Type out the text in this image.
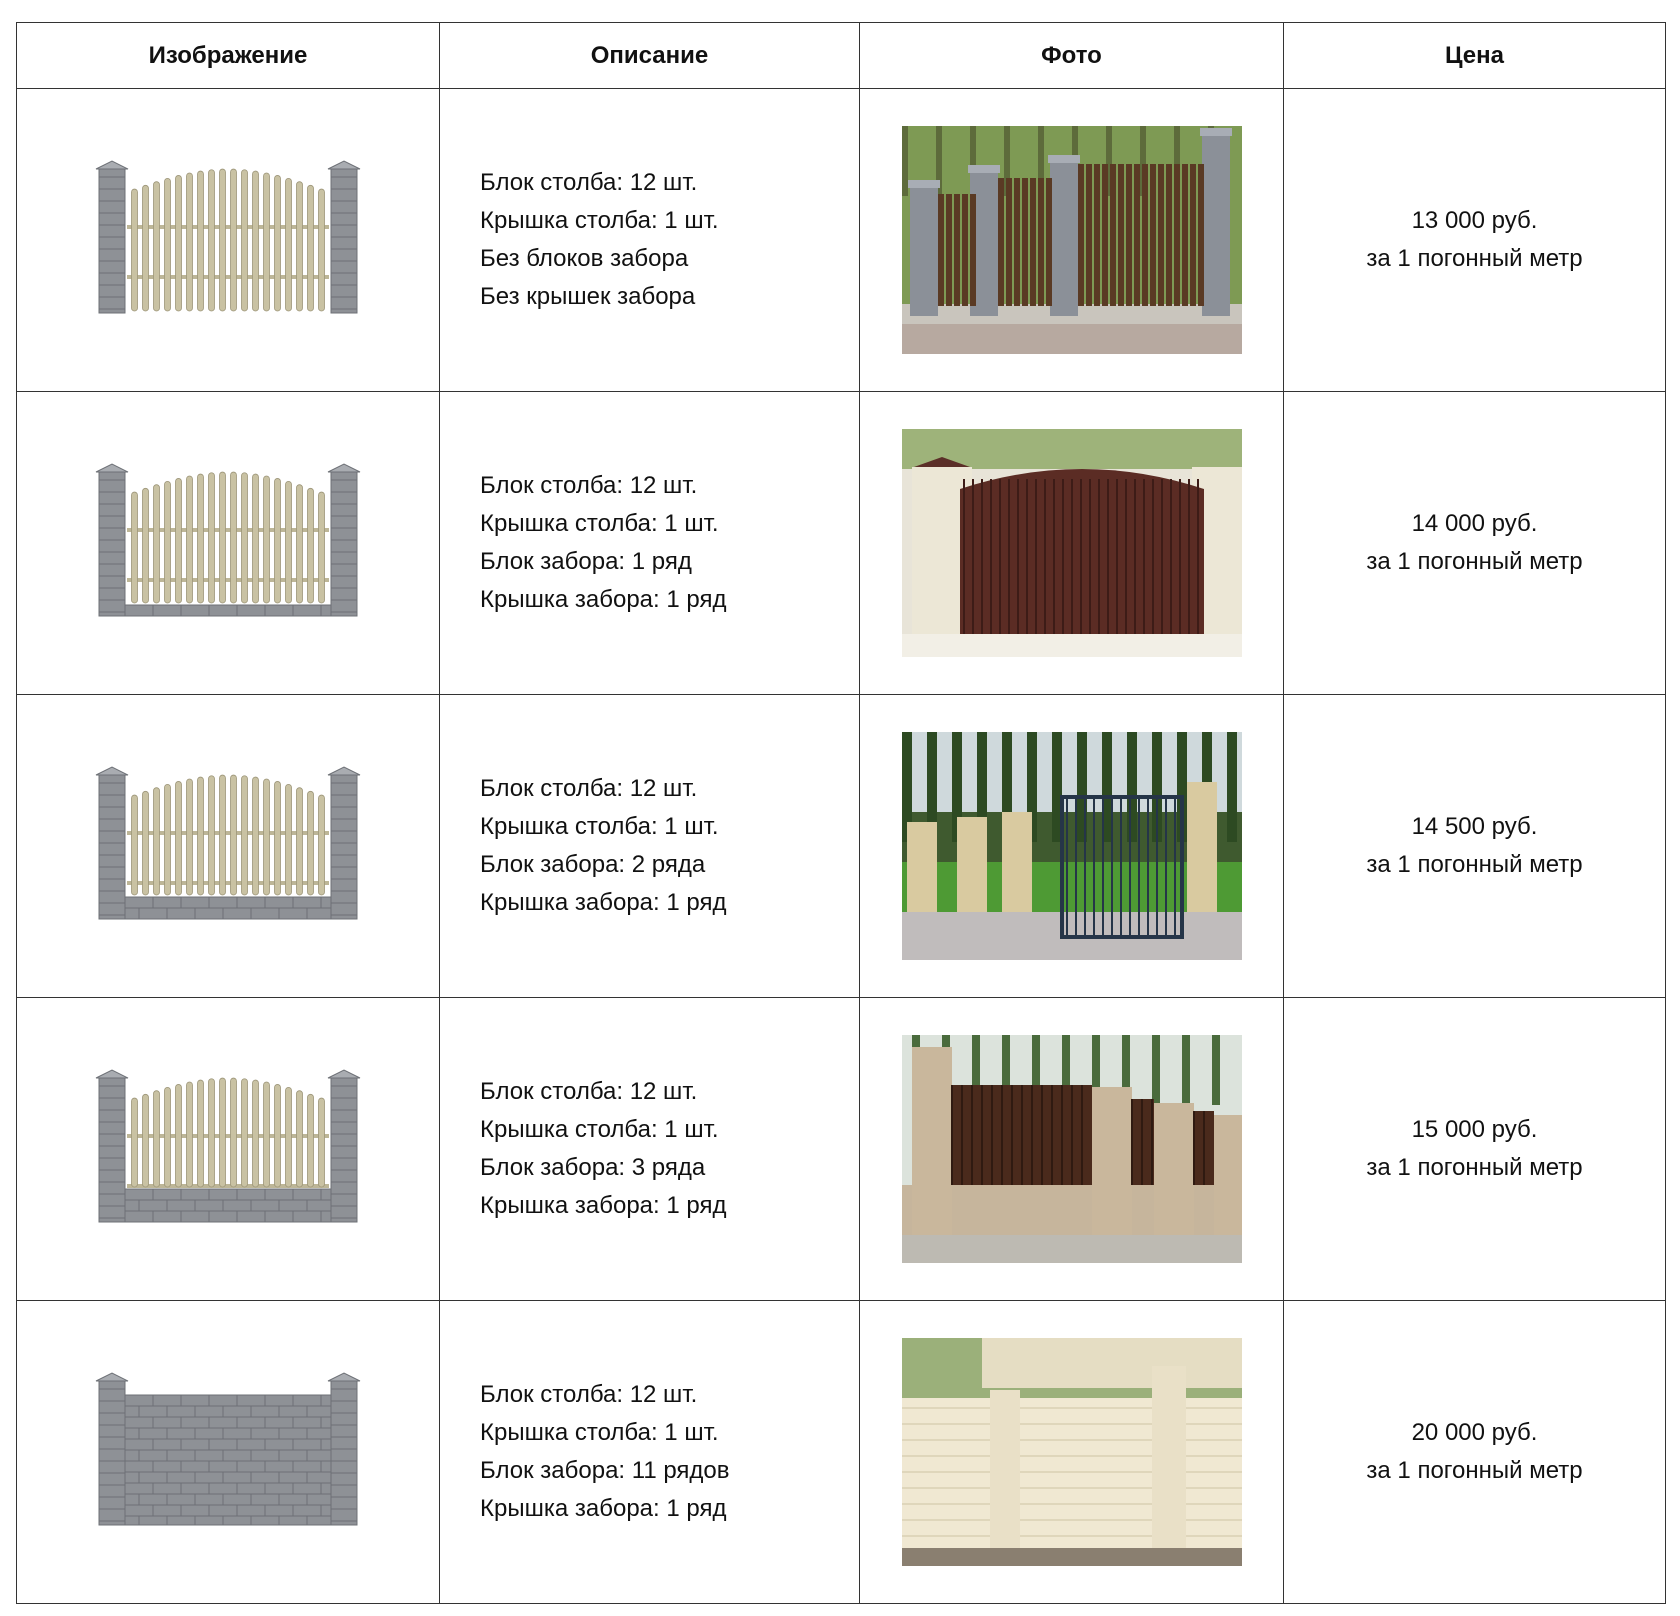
Изображение	Описание	Фото	Цена

Блок столба: 12 шт.
Крышка столба: 1 шт.
Без блоков забора
Без крышек забора		13 000 руб.
за 1 погонный метр

Блок столба: 12 шт.
Крышка столба: 1 шт.
Блок забора: 1 ряд
Крышка забора: 1 ряд		14 000 руб.
за 1 погонный метр

Блок столба: 12 шт.
Крышка столба: 1 шт.
Блок забора: 2 ряда
Крышка забора: 1 ряд		14 500 руб.
за 1 погонный метр

Блок столба: 12 шт.
Крышка столба: 1 шт.
Блок забора: 3 ряда
Крышка забора: 1 ряд		15 000 руб.
за 1 погонный метр

Блок столба: 12 шт.
Крышка столба: 1 шт.
Блок забора: 11 рядов
Крышка забора: 1 ряд		20 000 руб.
за 1 погонный метр
